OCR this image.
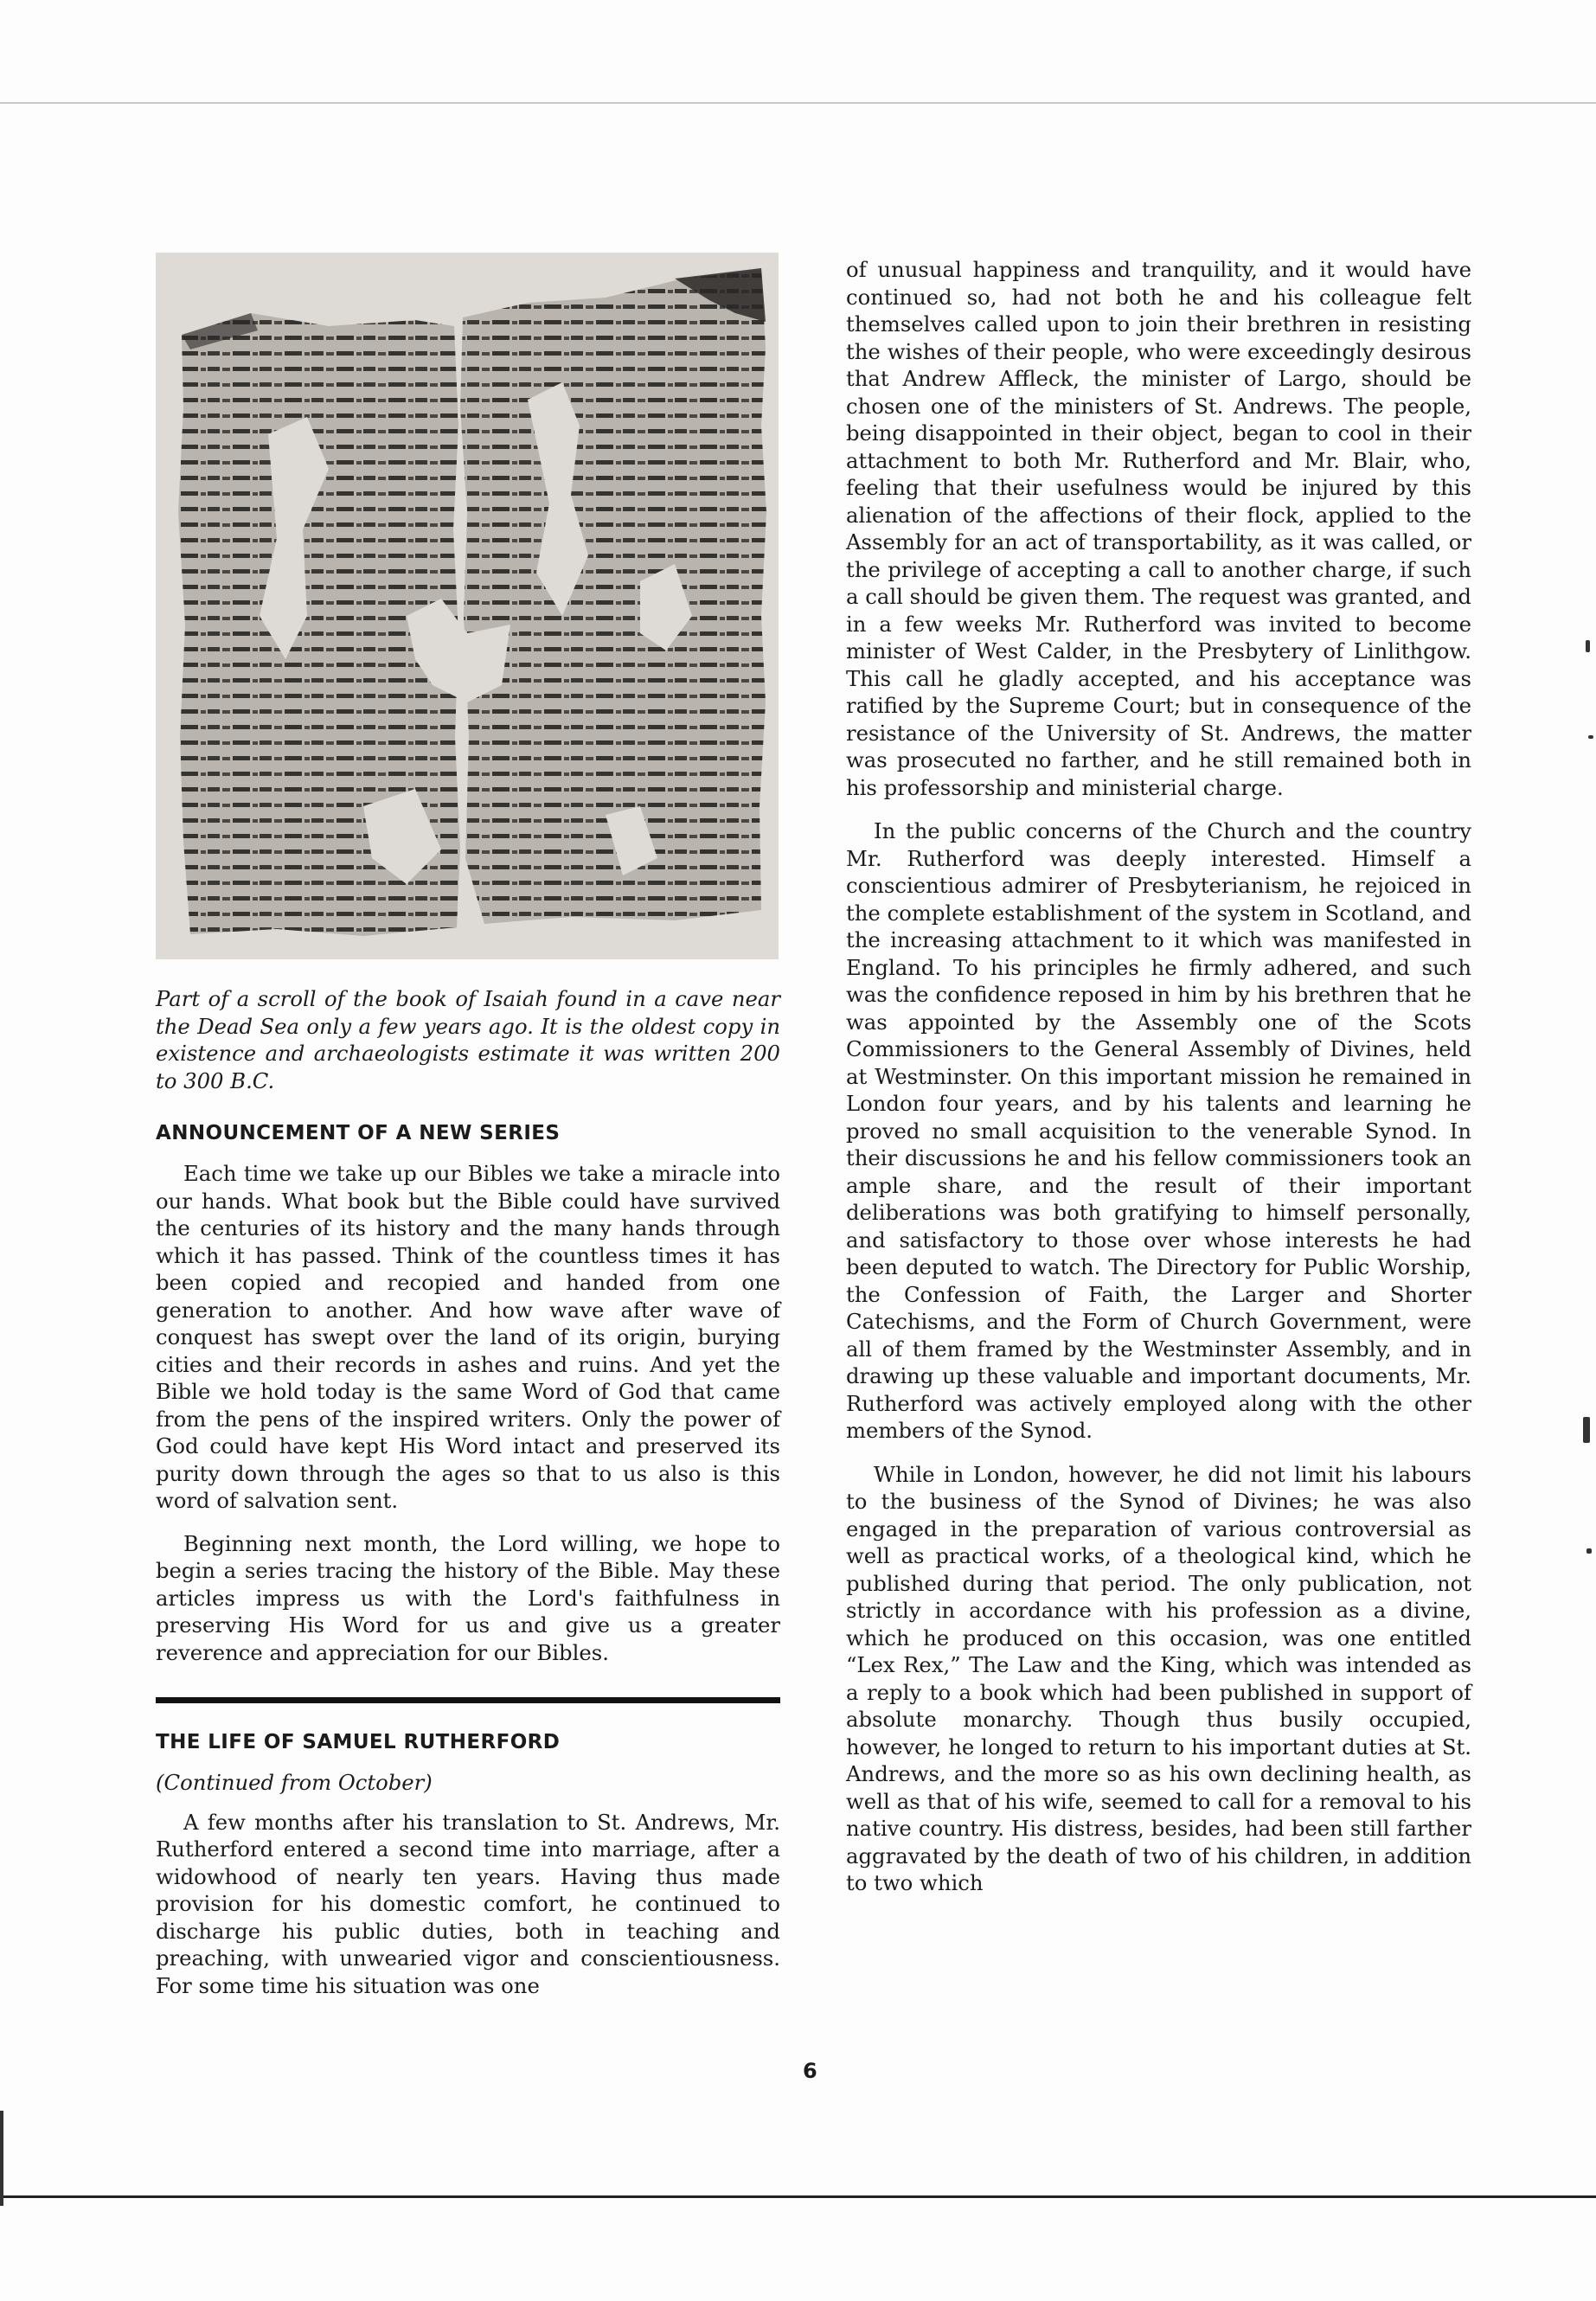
Part of a scroll of the book of Isaiah found in a cave near the Dead Sea only a few years ago. It is the oldest copy in existence and archaeologists estimate it was written 200 to 300 B.C.

ANNOUNCEMENT OF A NEW SERIES

Each time we take up our Bibles we take a miracle into our hands. What book but the Bible could have survived the centuries of its history and the many hands through which it has passed. Think of the countless times it has been copied and recopied and handed from one generation to another. And how wave after wave of conquest has swept over the land of its origin, burying cities and their records in ashes and ruins. And yet the Bible we hold today is the same Word of God that came from the pens of the inspired writers. Only the power of God could have kept His Word intact and preserved its purity down through the ages so that to us also is this word of salvation sent.

Beginning next month, the Lord willing, we hope to begin a series tracing the history of the Bible. May these articles impress us with the Lord's faithfulness in preserving His Word for us and give us a greater reverence and appreciation for our Bibles.

THE LIFE OF SAMUEL RUTHERFORD

(Continued from October)

A few months after his translation to St. Andrews, Mr. Rutherford entered a second time into marriage, after a widowhood of nearly ten years. Having thus made provision for his domestic comfort, he continued to discharge his public duties, both in teaching and preaching, with unwearied vigor and conscientiousness. For some time his situation was one

of unusual happiness and tranquility, and it would have continued so, had not both he and his colleague felt themselves called upon to join their brethren in resisting the wishes of their people, who were exceedingly desirous that Andrew Affleck, the minister of Largo, should be chosen one of the ministers of St. Andrews. The people, being disappointed in their object, began to cool in their attachment to both Mr. Rutherford and Mr. Blair, who, feeling that their usefulness would be injured by this alienation of the affections of their flock, applied to the Assembly for an act of transportability, as it was called, or the privilege of accepting a call to another charge, if such a call should be given them. The request was granted, and in a few weeks Mr. Rutherford was invited to become minister of West Calder, in the Presbytery of Linlithgow. This call he gladly accepted, and his acceptance was ratified by the Supreme Court; but in consequence of the resistance of the University of St. Andrews, the matter was prosecuted no farther, and he still remained both in his professorship and ministerial charge.

In the public concerns of the Church and the country Mr. Rutherford was deeply interested. Himself a conscientious admirer of Presbyterianism, he rejoiced in the complete establishment of the system in Scotland, and the increasing attachment to it which was manifested in England. To his principles he firmly adhered, and such was the confidence reposed in him by his brethren that he was appointed by the Assembly one of the Scots Commissioners to the General Assembly of Divines, held at Westminster. On this important mission he remained in London four years, and by his talents and learning he proved no small acquisition to the venerable Synod. In their discussions he and his fellow commissioners took an ample share, and the result of their important deliberations was both gratifying to himself personally, and satisfactory to those over whose interests he had been deputed to watch. The Directory for Public Worship, the Confession of Faith, the Larger and Shorter Catechisms, and the Form of Church Government, were all of them framed by the Westminster Assembly, and in drawing up these valuable and important documents, Mr. Rutherford was actively employed along with the other members of the Synod.

While in London, however, he did not limit his labours to the business of the Synod of Divines; he was also engaged in the preparation of various controversial as well as practical works, of a theological kind, which he published during that period. The only publication, not strictly in accordance with his profession as a divine, which he produced on this occasion, was one entitled “Lex Rex,” The Law and the King, which was intended as a reply to a book which had been published in support of absolute monarchy. Though thus busily occupied, however, he longed to return to his important duties at St. Andrews, and the more so as his own declining health, as well as that of his wife, seemed to call for a removal to his native country. His distress, besides, had been still farther aggravated by the death of two of his children, in addition to two which

6
